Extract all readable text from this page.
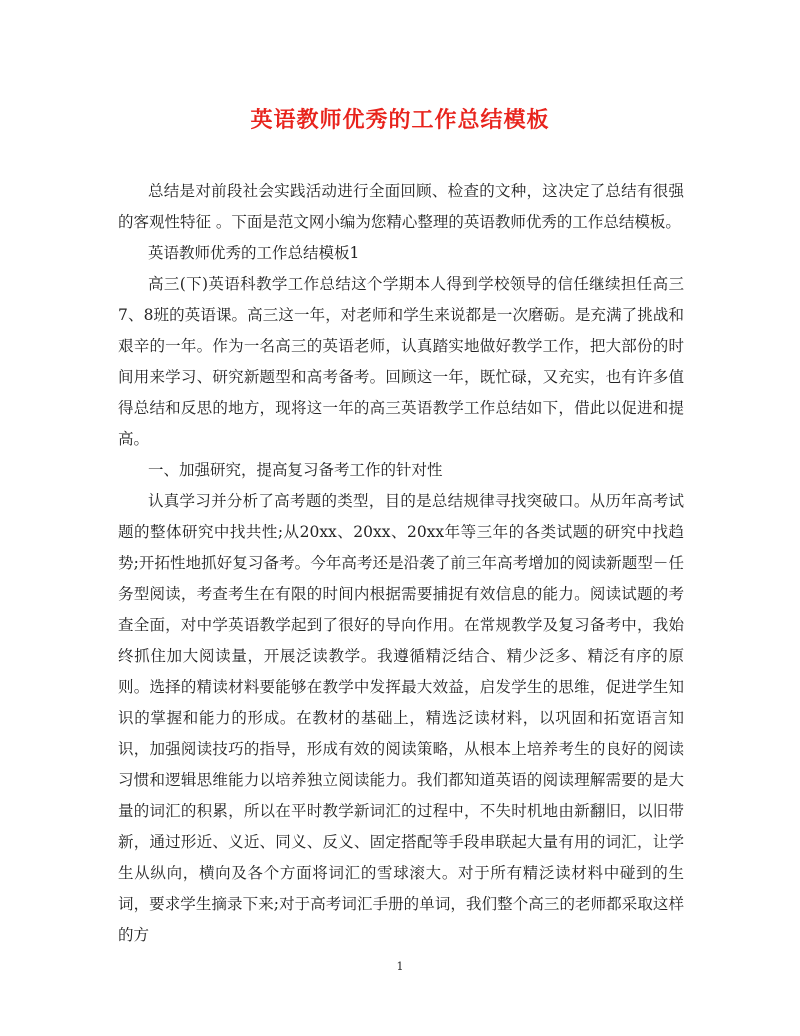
英语教师优秀的工作总结模板

总结是对前段社会实践活动进行全面回顾、检查的文种，这决定了总结有很强的客观性特征 。下面是范文网小编为您精心整理的英语教师优秀的工作总结模板。

英语教师优秀的工作总结模板1

高三(下)英语科教学工作总结这个学期本人得到学校领导的信任继续担任高三7、8班的英语课。高三这一年，对老师和学生来说都是一次磨砺。是充满了挑战和艰辛的一年。作为一名高三的英语老师，认真踏实地做好教学工作，把大部份的时间用来学习、研究新题型和高考备考。回顾这一年，既忙碌，又充实，也有许多值得总结和反思的地方，现将这一年的高三英语教学工作总结如下，借此以促进和提高。

一、加强研究，提高复习备考工作的针对性

认真学习并分析了高考题的类型，目的是总结规律寻找突破口。从历年高考试题的整体研究中找共性;从20xx、20xx、20xx年等三年的各类试题的研究中找趋势;开拓性地抓好复习备考。今年高考还是沿袭了前三年高考增加的阅读新题型－任务型阅读，考查考生在有限的时间内根据需要捕捉有效信息的能力。阅读试题的考查全面，对中学英语教学起到了很好的导向作用。在常规教学及复习备考中，我始终抓住加大阅读量，开展泛读教学。我遵循精泛结合、精少泛多、精泛有序的原则。选择的精读材料要能够在教学中发挥最大效益，启发学生的思维，促进学生知识的掌握和能力的形成。在教材的基础上，精选泛读材料，以巩固和拓宽语言知识，加强阅读技巧的指导，形成有效的阅读策略，从根本上培养考生的良好的阅读习惯和逻辑思维能力以培养独立阅读能力。我们都知道英语的阅读理解需要的是大量的词汇的积累，所以在平时教学新词汇的过程中，不失时机地由新翻旧，以旧带新，通过形近、义近、同义、反义、固定搭配等手段串联起大量有用的词汇，让学生从纵向，横向及各个方面将词汇的雪球滚大。对于所有精泛读材料中碰到的生词，要求学生摘录下来;对于高考词汇手册的单词，我们整个高三的老师都采取这样的方

1
